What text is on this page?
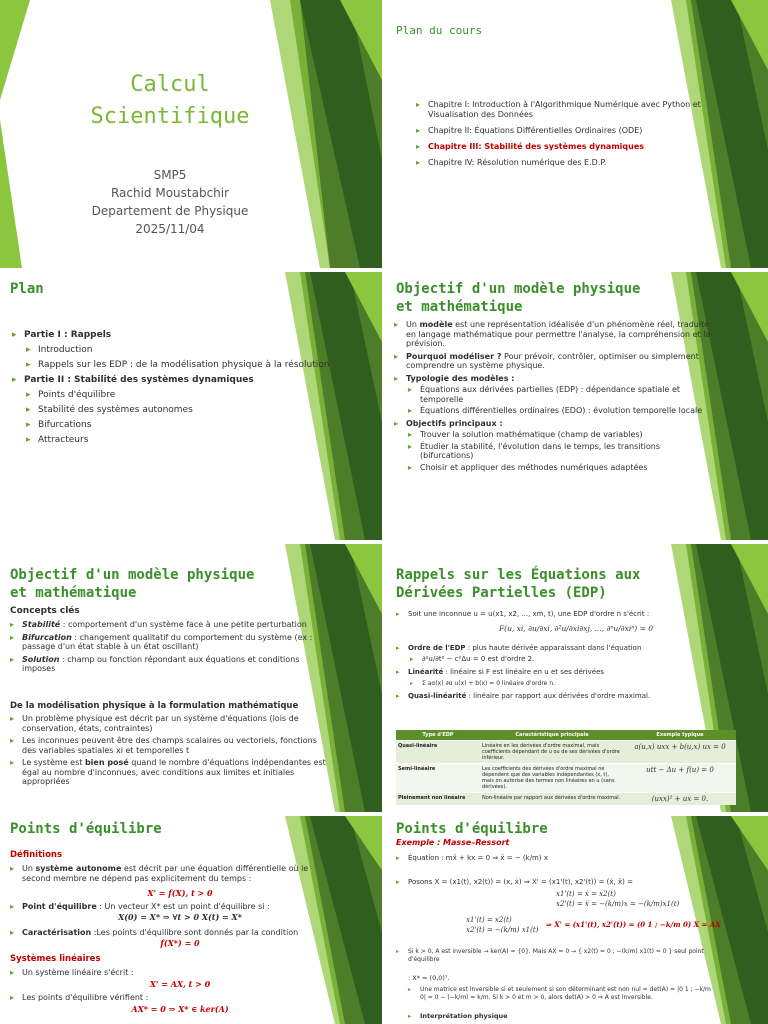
Calcul
Scientifique
SMP5
Rachid Moustabchir
Departement de Physique
2025/11/04
Plan du cours
▸ Chapitre I: Introduction à l'Algorithmique Numérique avec Python et Visualisation des Données
▸ Chapitre II: Équations Différentielles Ordinaires (ODE)
▸ Chapitre III: Stabilité des systèmes dynamiques
▸ Chapitre IV: Résolution numérique des E.D.P.
Plan
▸ Partie I : Rappels
▸ Introduction
▸ Rappels sur les EDP : de la modélisation physique à la résolution
▸ Partie II : Stabilité des systèmes dynamiques
▸ Points d'équilibre
▸ Stabilité des systèmes autonomes
▸ Bifurcations
▸ Attracteurs
Objectif d'un modèle physique
et mathématique
▸ Un modèle est une représentation idéalisée d'un phénomène réel, traduite en langage mathématique pour permettre l'analyse, la compréhension et la prévision.
▸ Pourquoi modéliser ? Pour prévoir, contrôler, optimiser ou simplement comprendre un système physique.
▸ Typologie des modèles :
▸ Équations aux dérivées partielles (EDP) : dépendance spatiale et temporelle
▸ Équations différentielles ordinaires (EDO) : évolution temporelle locale
▸ Objectifs principaux :
▸ Trouver la solution mathématique (champ de variables)
▸ Étudier la stabilité, l'évolution dans le temps, les transitions (bifurcations)
▸ Choisir et appliquer des méthodes numériques adaptées
Objectif d'un modèle physique
et mathématique
Concepts clés
▸ Stabilité : comportement d'un système face à une petite perturbation
▸ Bifurcation : changement qualitatif du comportement du système (ex : passage d'un état stable à un état oscillant)
▸ Solution : champ ou fonction répondant aux équations et conditions imposes
De la modélisation physique à la formulation mathématique
▸ Un problème physique est décrit par un système d'équations (lois de conservation, états, contraintes)
▸ Les inconnues peuvent être des champs scalaires ou vectoriels, fonctions des variables spatiales xi et temporelles t
▸ Le système est bien posé quand le nombre d'équations indépendantes est égal au nombre d'inconnues, avec conditions aux limites et initiales appropriées
Rappels sur les Équations aux
Dérivées Partielles (EDP)
▸ Soit une inconnue u = u(x1, x2, ..., xm, t), une EDP d'ordre n s'écrit :
F(u, xi, ∂u/∂xi, ∂²u/∂xi∂xj, ..., ∂ⁿu/∂xiⁿ) = 0
▸ Ordre de l'EDP : plus haute dérivée apparaissant dans l'équation
▸ ∂²u/∂t² − c²Δu = 0 est d'ordre 2.
▸ Linéarité : linéaire si F est linéaire en u et ses dérivées
▸ Σ aα(x) ∂α u(x) + b(x) = 0 linéaire d'ordre n.
▸ Quasi-linéarité : linéaire par rapport aux dérivées d'ordre maximal.
Type d'EDP	Caractéristique principale	Exemple typique
Quasi-linéaire	Linéaire en les dérivées d'ordre maximal, mais coefficients dépendant de u ou de ses dérivées d'ordre inférieur.	a(u,x) uxx + b(u,x) ux = 0
Semi-linéaire	Les coefficients des dérivées d'ordre maximal ne dépendent que des variables indépendantes (x, t), mais on autorise des termes non linéaires en u (sans dérivées).	utt − Δu + f(u) = 0
Pleinement non linéaire	Non-linéaire par rapport aux dérivées d'ordre maximal.	(uxx)² + ux = 0.
Points d'équilibre
Définitions
▸ Un système autonome est décrit par une équation différentielle où le second membre ne dépend pas explicitement du temps :
X' = f(X), t > 0
▸ Point d'équilibre : Un vecteur X* est un point d'équilibre si :
X(0) = X* ⇒ ∀t > 0 X(t) = X*
▸ Caractérisation :Les points d'équilibre sont donnés par la condition
f(X*) = 0
Systèmes linéaires
▸ Un système linéaire s'écrit :
X' = AX, t > 0
▸ Les points d'équilibre vérifient :
AX* = 0 ⇒ X* ∈ ker(A)
Points d'équilibre
Exemple : Masse–Ressort
▸ Équation : mẍ + kx = 0 ⇒ ẍ = − (k/m) x
▸ Posons X = (x1(t), x2(t)) = (x, ẋ) ⇒ X' = (x1'(t), x2'(t)) = (ẋ, ẍ) =
x1'(t) = ẋ = x2(t)
x2'(t) = ẍ = −(k/m)x = −(k/m)x1(t)
x1'(t) = x2(t)
x2'(t) = −(k/m) x1(t)
⇒ X' = (x1'(t), x2'(t)) = (0 1 ; −k/m 0) X = AX
▸ Si k > 0, A est inversible → ker(A) = {0}. Mais AX = 0 → { x2(t) = 0 ; −(k/m) x1(t) = 0 } seul point d'équilibre
: X* = (0,0)ᵀ.
▸ Une matrice est inversible si et seulement si son déterminant est non nul = det(A) = |0 1 ; −k/m 0| = 0 − (−k/m) = k/m. Si k > 0 et m > 0, alors det(A) > 0 ⇒ A est inversible.
▸ Interprétation physique
